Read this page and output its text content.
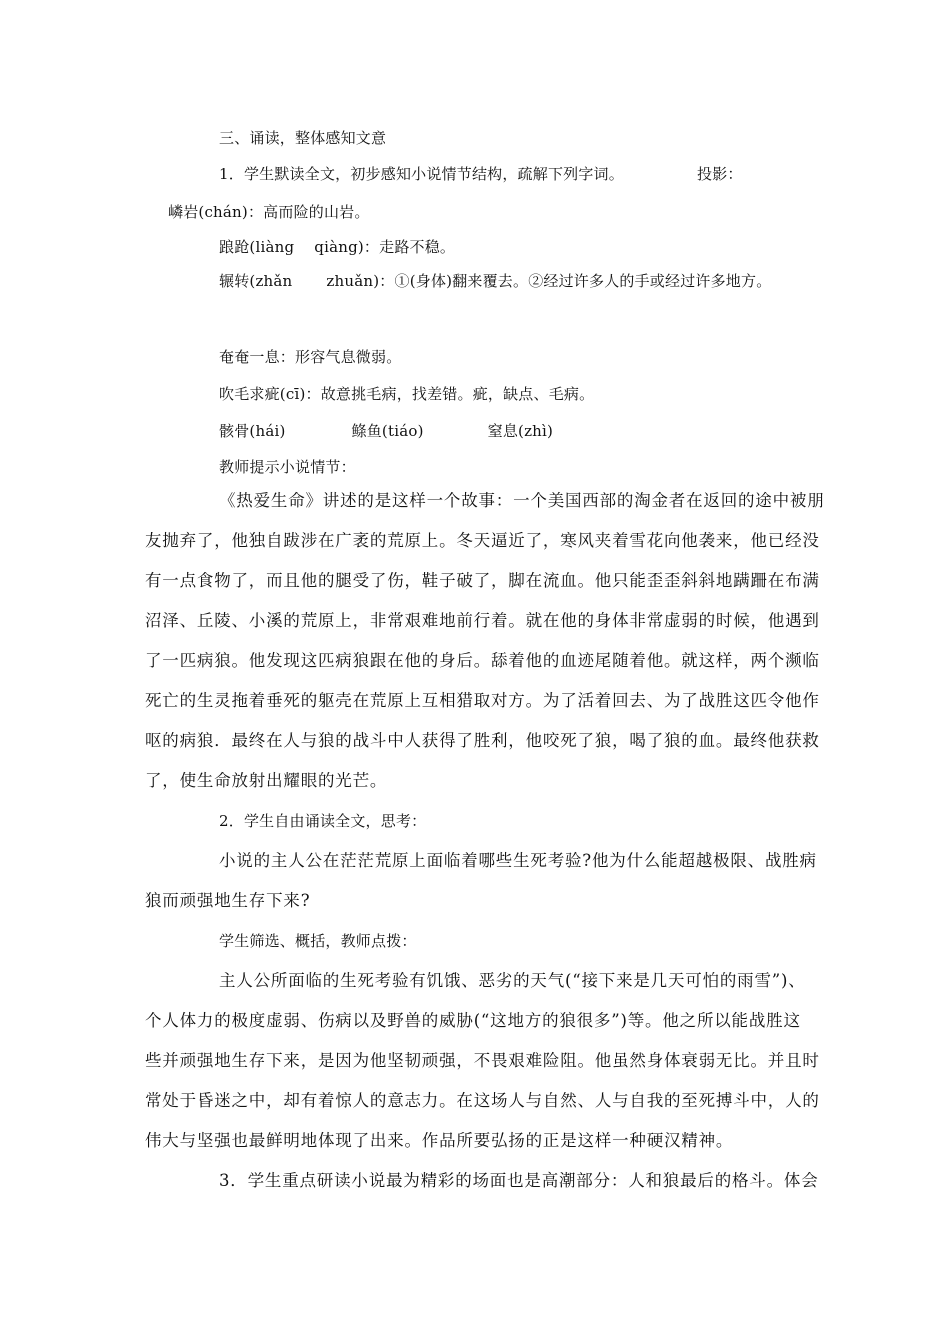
三、诵读，整体感知文意
1．学生默读全文，初步感知小说情节结构，疏解下列字词。	投影：
嶙岩(chán)：高而险的山岩。
踉跄(liàng qiàng)：走路不稳。
辗转(zhǎn zhuǎn)：①(身体)翻来覆去。②经过许多人的手或经过许多地方。
奄奄一息：形容气息微弱。
吹毛求疵(cī)：故意挑毛病，找差错。疵，缺点、毛病。
骸骨(hái)	鲦鱼(tiáo)	窒息(zhì)
教师提示小说情节：
《热爱生命》讲述的是这样一个故事：一个美国西部的淘金者在返回的途中被朋
友抛弃了，他独自跋涉在广袤的荒原上。冬天逼近了，寒风夹着雪花向他袭来，他已经没
有一点食物了，而且他的腿受了伤，鞋子破了，脚在流血。他只能歪歪斜斜地蹒跚在布满
沼泽、丘陵、小溪的荒原上，非常艰难地前行着。就在他的身体非常虚弱的时候，他遇到
了一匹病狼。他发现这匹病狼跟在他的身后。舔着他的血迹尾随着他。就这样，两个濒临
死亡的生灵拖着垂死的躯壳在荒原上互相猎取对方。为了活着回去、为了战胜这匹令他作
呕的病狼．最终在人与狼的战斗中人获得了胜利，他咬死了狼，喝了狼的血。最终他获救
了，使生命放射出耀眼的光芒。
2．学生自由诵读全文，思考：
小说的主人公在茫茫荒原上面临着哪些生死考验?他为什么能超越极限、战胜病
狼而顽强地生存下来?
学生筛选、概括，教师点拨：
主人公所面临的生死考验有饥饿、恶劣的天气(“接下来是几天可怕的雨雪”)、
个人体力的极度虚弱、伤病以及野兽的威胁(“这地方的狼很多”)等。他之所以能战胜这
些并顽强地生存下来，是因为他坚韧顽强，不畏艰难险阻。他虽然身体衰弱无比。并且时
常处于昏迷之中，却有着惊人的意志力。在这场人与自然、人与自我的至死搏斗中，人的
伟大与坚强也最鲜明地体现了出来。作品所要弘扬的正是这样一种硬汉精神。
3．学生重点研读小说最为精彩的场面也是高潮部分：人和狼最后的格斗。体会
